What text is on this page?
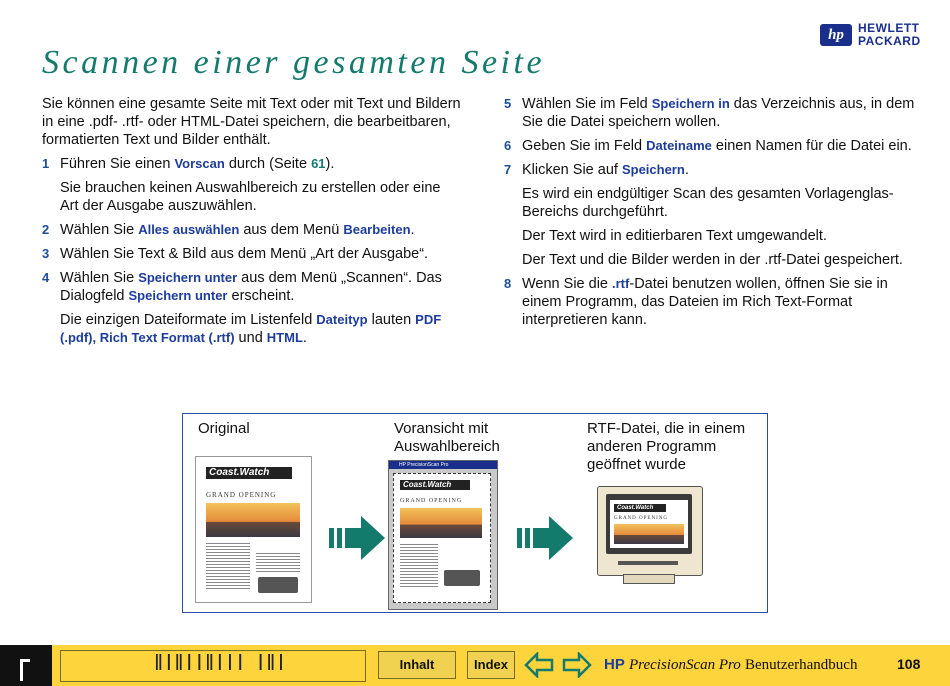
Scannen einer gesamten Seite
hp	HEWLETT
PACKARD

Sie können eine gesamte Seite mit Text oder mit Text und Bildern in eine .pdf- .rtf- oder HTML-Datei speichern, die bearbeitbaren, formatierten Text und Bilder enthält.

1 Führen Sie einen Vorscan durch (Seite 61).

Sie brauchen keinen Auswahlbereich zu erstellen oder eine Art der Ausgabe auszuwählen.

2 Wählen Sie Alles auswählen aus dem Menü Bearbeiten.
3 Wählen Sie Text & Bild aus dem Menü „Art der Ausgabe“.
4 Wählen Sie Speichern unter aus dem Menü „Scannen“. Das Dialogfeld Speichern unter erscheint.

Die einzigen Dateiformate im Listenfeld Dateityp lauten PDF (.pdf), Rich Text Format (.rtf) und HTML.

5 Wählen Sie im Feld Speichern in das Verzeichnis aus, in dem Sie die Datei speichern wollen.
6 Geben Sie im Feld Dateiname einen Namen für die Datei ein.
7 Klicken Sie auf Speichern.

Es wird ein endgültiger Scan des gesamten Vorlagenglas-Bereichs durchgeführt.

Der Text wird in editierbaren Text umgewandelt.

Der Text und die Bilder werden in der .rtf-Datei gespeichert.

8 Wenn Sie die .rtf-Datei benutzen wollen, öffnen Sie sie in einem Programm, das Dateien im Rich Text-Format interpretieren kann.
Original	Voransicht mit Auswahlbereich
RTF-Datei, die in einem anderen Programm geöffnet wurde
Coast.Watch
GRAND OPENING
HP PrecisionScan Pro
Coast.Watch
GRAND OPENING
Coast.Watch
GRAND OPENING
ǁǀǁǀǀǁǀǀǀ ǀǁǀ	Inhalt	Index	HP PrecisionScan Pro Benutzerhandbuch	108
